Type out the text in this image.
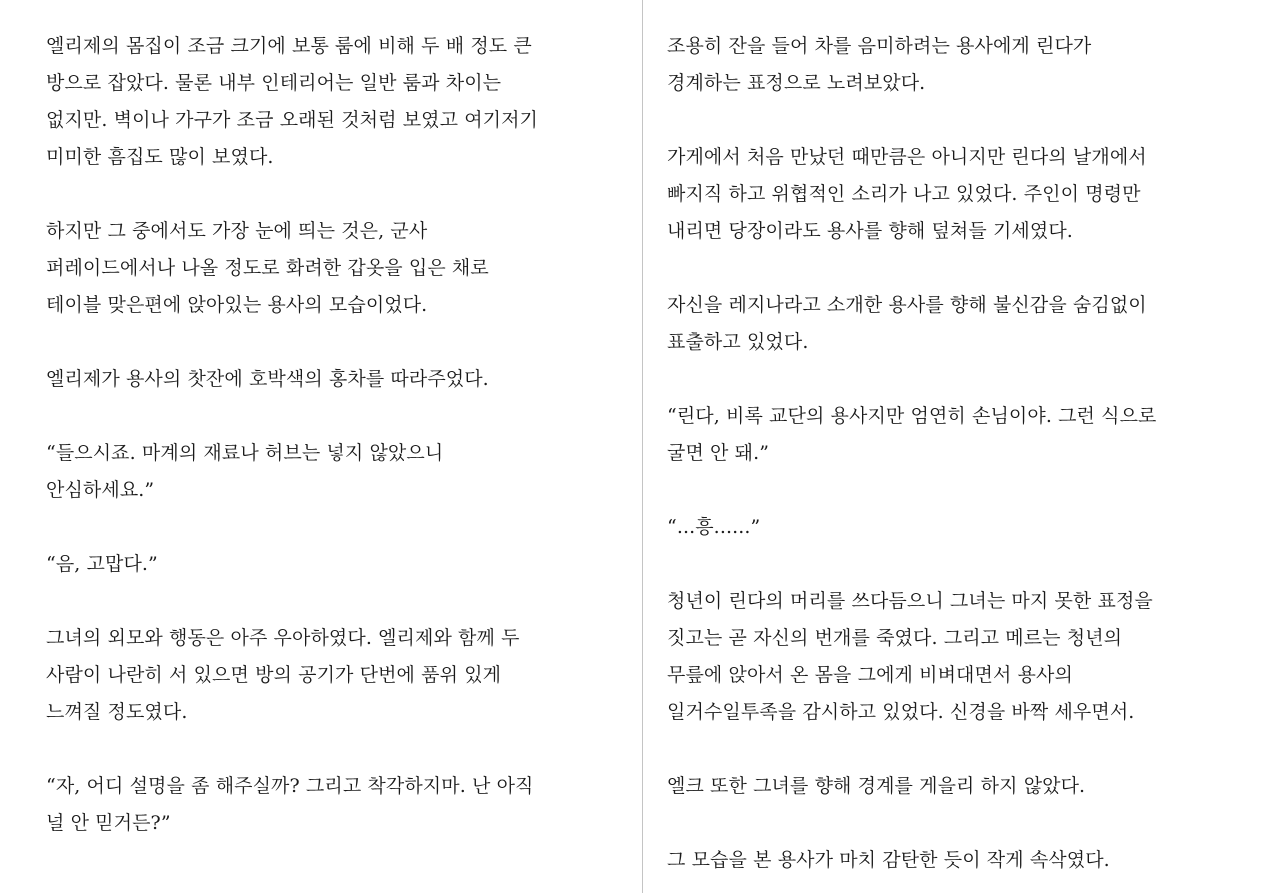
엘리제의 몸집이 조금 크기에 보통 룸에 비해 두 배 정도 큰
방으로 잡았다. 물론 내부 인테리어는 일반 룸과 차이는
없지만. 벽이나 가구가 조금 오래된 것처럼 보였고 여기저기
미미한 흠집도 많이 보였다.
하지만 그 중에서도 가장 눈에 띄는 것은, 군사
퍼레이드에서나 나올 정도로 화려한 갑옷을 입은 채로
테이블 맞은편에 앉아있는 용사의 모습이었다.
엘리제가 용사의 찻잔에 호박색의 홍차를 따라주었다.
“들으시죠. 마계의 재료나 허브는 넣지 않았으니
안심하세요.”
“음, 고맙다.”
그녀의 외모와 행동은 아주 우아하였다. 엘리제와 함께 두
사람이 나란히 서 있으면 방의 공기가 단번에 품위 있게
느껴질 정도였다.
“자, 어디 설명을 좀 해주실까? 그리고 착각하지마. 난 아직
널 안 믿거든?”
조용히 잔을 들어 차를 음미하려는 용사에게 린다가
경계하는 표정으로 노려보았다.
가게에서 처음 만났던 때만큼은 아니지만 린다의 날개에서
빠지직 하고 위협적인 소리가 나고 있었다. 주인이 명령만
내리면 당장이라도 용사를 향해 덮쳐들 기세였다.
자신을 레지나라고 소개한 용사를 향해 불신감을 숨김없이
표출하고 있었다.
“린다, 비록 교단의 용사지만 엄연히 손님이야. 그런 식으로
굴면 안 돼.”
“...흥......”
청년이 린다의 머리를 쓰다듬으니 그녀는 마지 못한 표정을
짓고는 곧 자신의 번개를 죽였다. 그리고 메르는 청년의
무릎에 앉아서 온 몸을 그에게 비벼대면서 용사의
일거수일투족을 감시하고 있었다. 신경을 바짝 세우면서.
엘크 또한 그녀를 향해 경계를 게을리 하지 않았다.
그 모습을 본 용사가 마치 감탄한 듯이 작게 속삭였다.
